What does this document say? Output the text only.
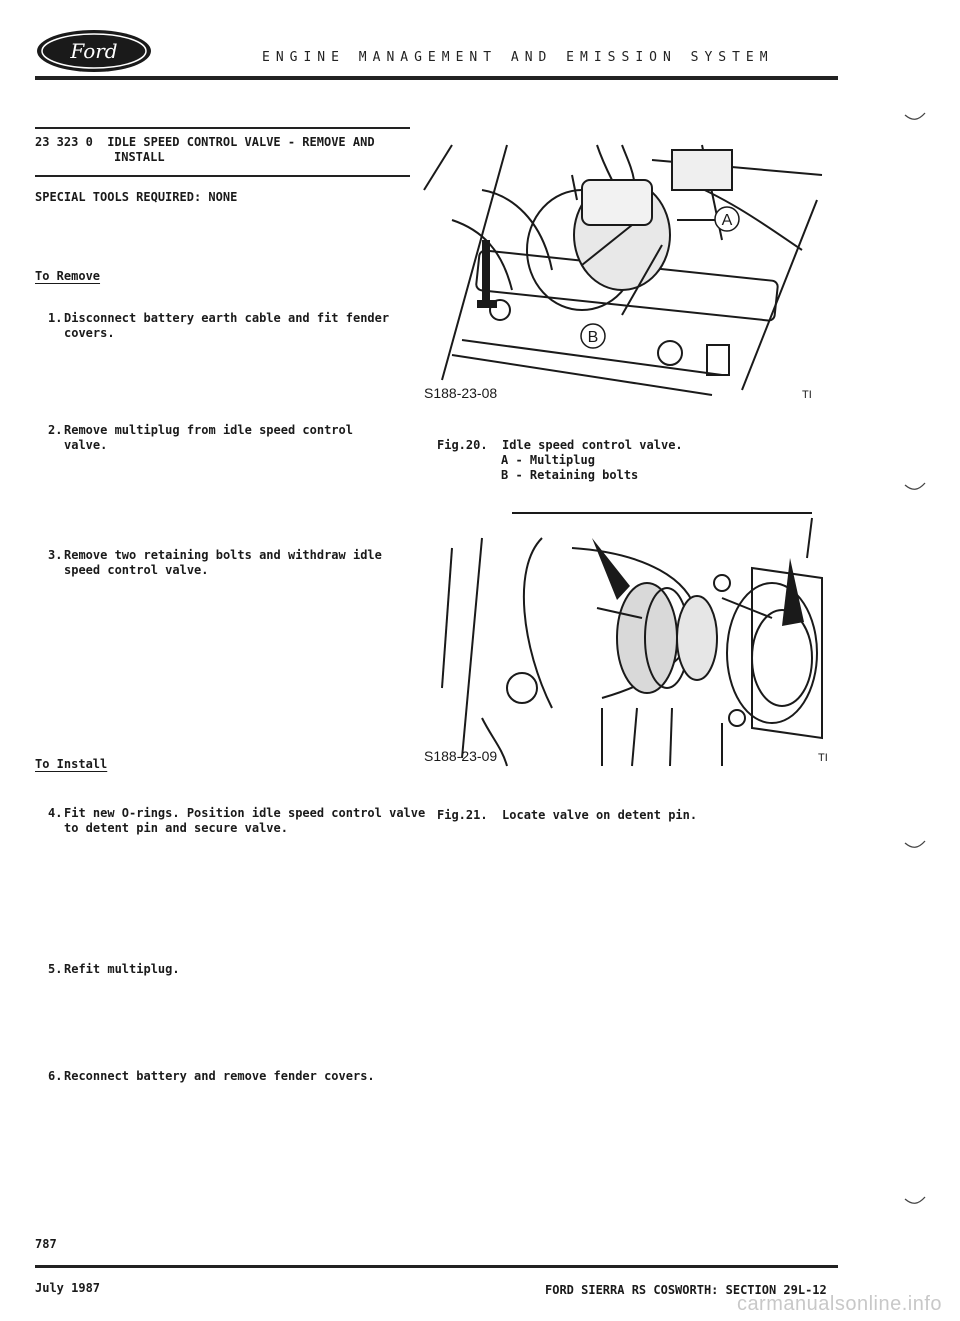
Ford	ENGINE MANAGEMENT AND EMISSION SYSTEM
23 323 0  IDLE SPEED CONTROL VALVE - REMOVE AND
INSTALL
SPECIAL TOOLS REQUIRED: NONE
To Remove
1. Disconnect battery earth cable and fit fender covers.
2. Remove multiplug from idle speed control valve.
3. Remove two retaining bolts and withdraw idle speed control valve.
To Install
4. Fit new O-rings. Position idle speed control valve to detent pin and secure valve.
5. Refit multiplug.
6. Reconnect battery and remove fender covers.
A
B
S188-23-08	TI
Fig.20.  Idle speed control valve.
A - Multiplug
B - Retaining bolts
S188-23-09	TI
Fig.21.  Locate valve on detent pin.
787
July 1987	FORD SIERRA RS COSWORTH: SECTION 29L-12
carmanualsonline.info
